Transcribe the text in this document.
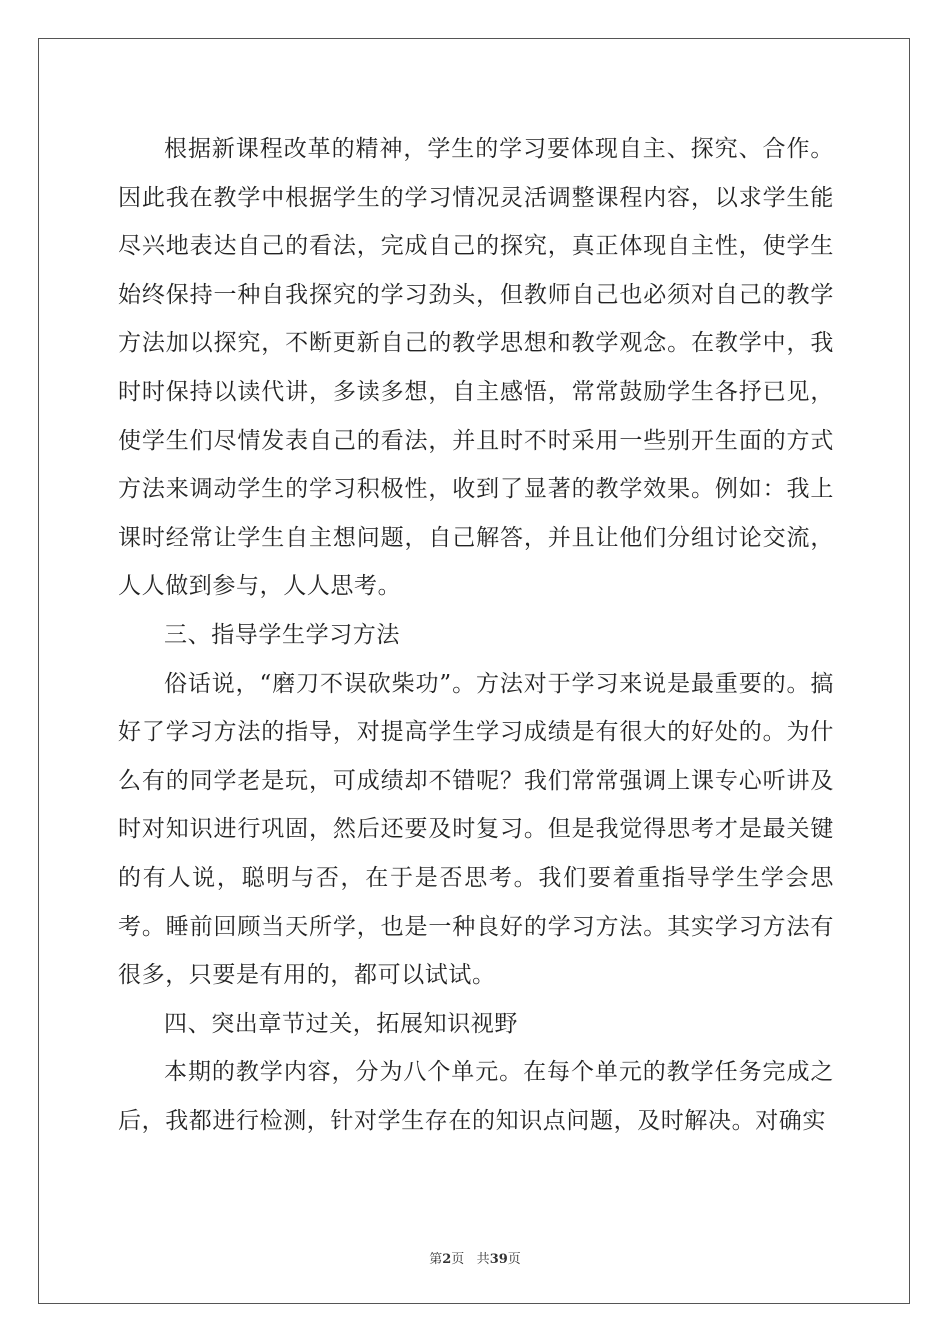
根据新课程改革的精神，学生的学习要体现自主、探究、合作。因此我在教学中根据学生的学习情况灵活调整课程内容，以求学生能尽兴地表达自己的看法，完成自己的探究，真正体现自主性，使学生始终保持一种自我探究的学习劲头，但教师自己也必须对自己的教学方法加以探究，不断更新自己的教学思想和教学观念。在教学中，我时时保持以读代讲，多读多想，自主感悟，常常鼓励学生各抒已见，使学生们尽情发表自己的看法，并且时不时采用一些别开生面的方式方法来调动学生的学习积极性，收到了显著的教学效果。例如：我上课时经常让学生自主想问题，自己解答，并且让他们分组讨论交流，人人做到参与，人人思考。

三、指导学生学习方法

俗话说，“磨刀不误砍柴功”。方法对于学习来说是最重要的。搞好了学习方法的指导，对提高学生学习成绩是有很大的好处的。为什么有的同学老是玩，可成绩却不错呢？我们常常强调上课专心听讲及时对知识进行巩固，然后还要及时复习。但是我觉得思考才是最关键的有人说，聪明与否，在于是否思考。我们要着重指导学生学会思考。睡前回顾当天所学，也是一种良好的学习方法。其实学习方法有很多，只要是有用的，都可以试试。

四、突出章节过关，拓展知识视野

本期的教学内容，分为八个单元。在每个单元的教学任务完成之后，我都进行检测，针对学生存在的知识点问题，及时解决。对确实

第2页 共39页
